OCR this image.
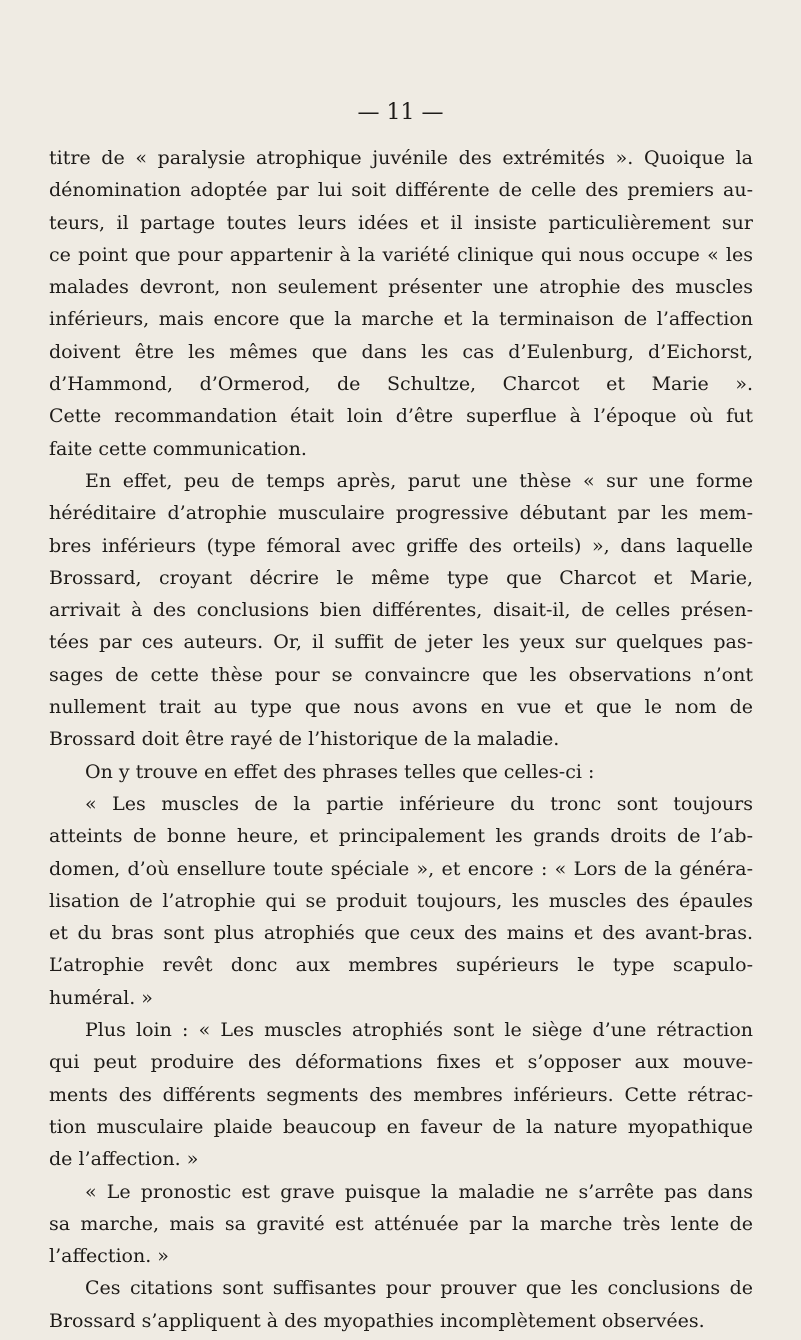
— 11 —
titre de « paralysie atrophique juvénile des extrémités ». Quoique la
dénomination adoptée par lui soit différente de celle des premiers au-
teurs, il partage toutes leurs idées et il insiste particulièrement sur
ce point que pour appartenir à la variété clinique qui nous occupe « les
malades devront, non seulement présenter une atrophie des muscles
inférieurs, mais encore que la marche et la terminaison de l’affection
doivent être les mêmes que dans les cas d’Eulenburg, d’Eichorst,
d’Hammond, d’Ormerod, de Schultze, Charcot et Marie ».
Cette recommandation était loin d’être superflue à l’époque où fut
faite cette communication.
En effet, peu de temps après, parut une thèse « sur une forme
héréditaire d’atrophie musculaire progressive débutant par les mem-
bres inférieurs (type fémoral avec griffe des orteils) », dans laquelle
Brossard, croyant décrire le même type que Charcot et Marie,
arrivait à des conclusions bien différentes, disait-il, de celles présen-
tées par ces auteurs. Or, il suffit de jeter les yeux sur quelques pas-
sages de cette thèse pour se convaincre que les observations n’ont
nullement trait au type que nous avons en vue et que le nom de
Brossard doit être rayé de l’historique de la maladie.
On y trouve en effet des phrases telles que celles-ci :
« Les muscles de la partie inférieure du tronc sont toujours
atteints de bonne heure, et principalement les grands droits de l’ab-
domen, d’où ensellure toute spéciale », et encore : « Lors de la généra-
lisation de l’atrophie qui se produit toujours, les muscles des épaules
et du bras sont plus atrophiés que ceux des mains et des avant-bras.
L’atrophie revêt donc aux membres supérieurs le type scapulo-
huméral. »
Plus loin : « Les muscles atrophiés sont le siège d’une rétraction
qui peut produire des déformations fixes et s’opposer aux mouve-
ments des différents segments des membres inférieurs. Cette rétrac-
tion musculaire plaide beaucoup en faveur de la nature myopathique
de l’affection. »
« Le pronostic est grave puisque la maladie ne s’arrête pas dans
sa marche, mais sa gravité est atténuée par la marche très lente de
l’affection. »
Ces citations sont suffisantes pour prouver que les conclusions de
Brossard s’appliquent à des myopathies incomplètement observées.
